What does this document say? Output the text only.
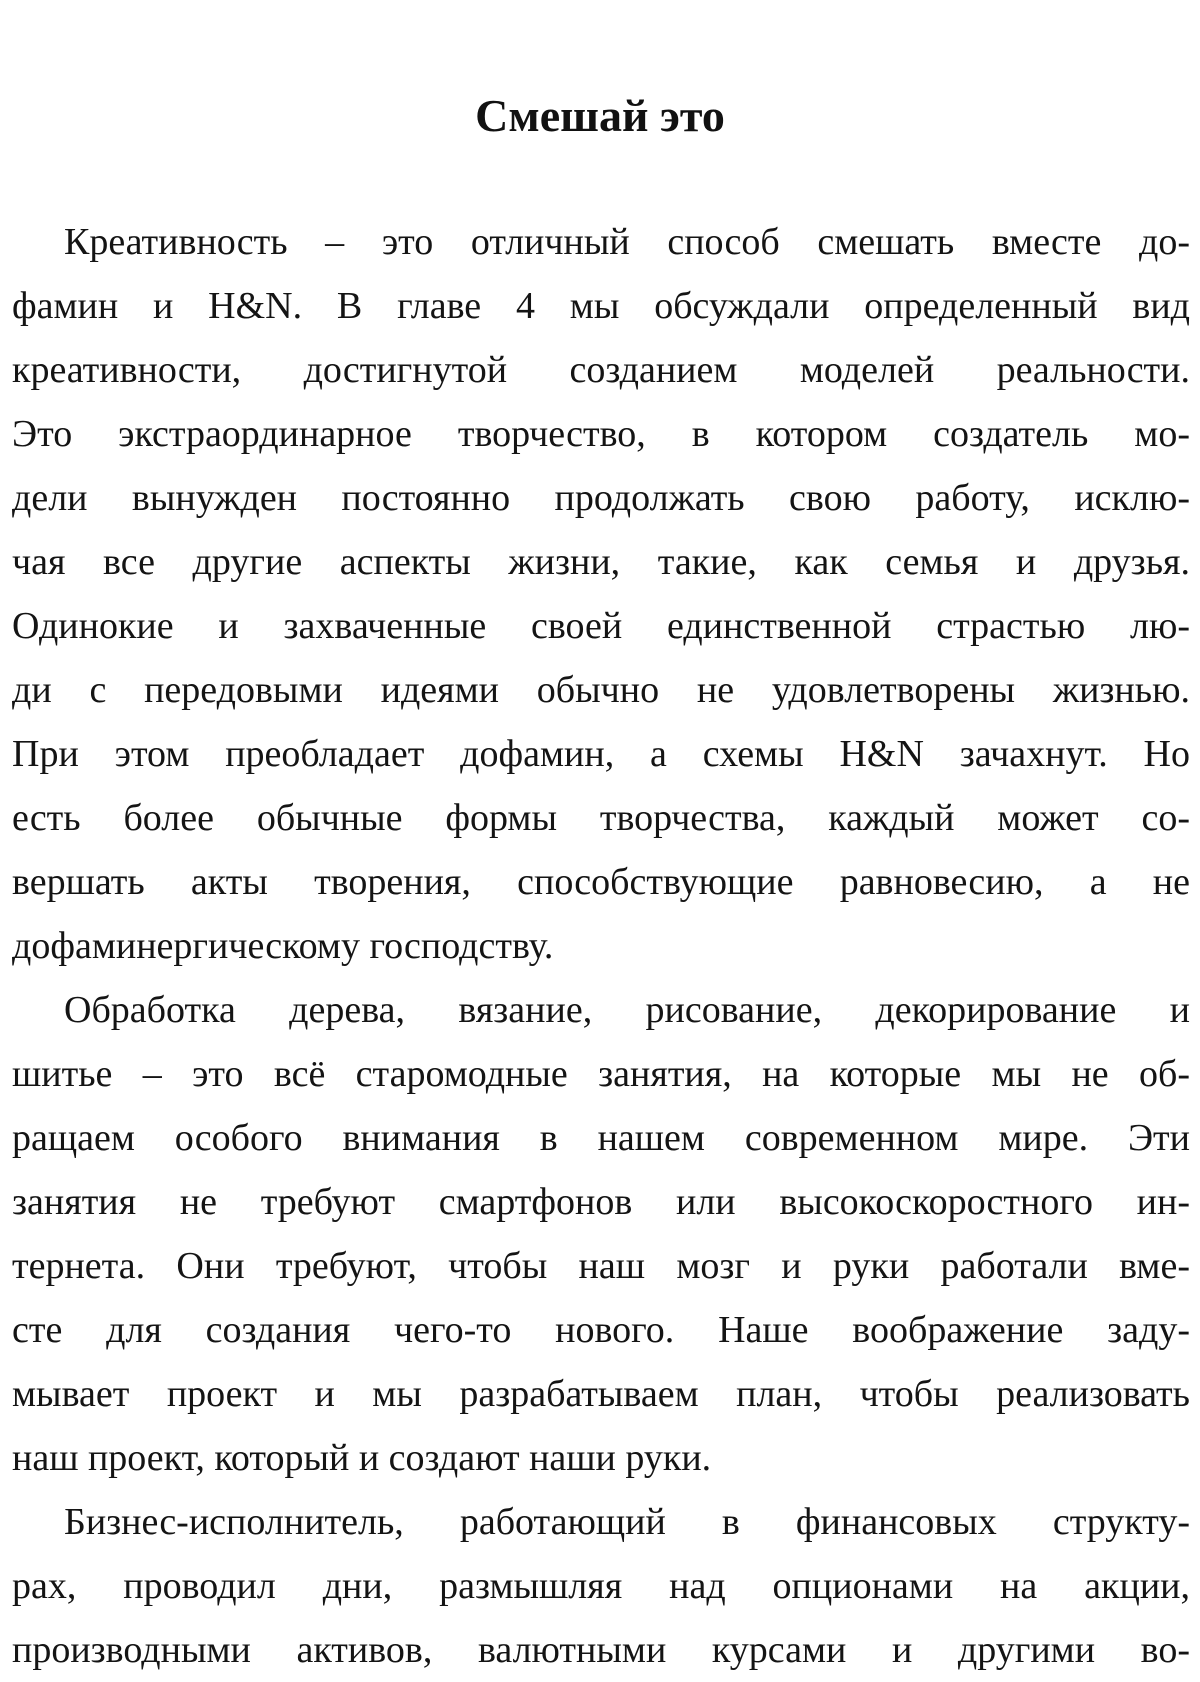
Смешай это
Креативность – это отличный способ смешать вместе до-
фамин и H&N. В главе 4 мы обсуждали определенный вид
креативности, достигнутой созданием моделей реальности.
Это экстраординарное творчество, в котором создатель мо-
дели вынужден постоянно продолжать свою работу, исклю-
чая все другие аспекты жизни, такие, как семья и друзья.
Одинокие и захваченные своей единственной страстью лю-
ди с передовыми идеями обычно не удовлетворены жизнью.
При этом преобладает дофамин, а схемы H&N зачахнут. Но
есть более обычные формы творчества, каждый может со-
вершать акты творения, способствующие равновесию, а не
дофаминергическому господству.
Обработка дерева, вязание, рисование, декорирование и
шитье – это всё старомодные занятия, на которые мы не об-
ращаем особого внимания в нашем современном мире. Эти
занятия не требуют смартфонов или высокоскоростного ин-
тернета. Они требуют, чтобы наш мозг и руки работали вме-
сте для создания чего-то нового. Наше воображение заду-
мывает проект и мы разрабатываем план, чтобы реализовать
наш проект, который и создают наши руки.
Бизнес-исполнитель, работающий в финансовых структу-
рах, проводил дни, размышляя над опционами на акции,
производными активов, валютными курсами и другими во-
